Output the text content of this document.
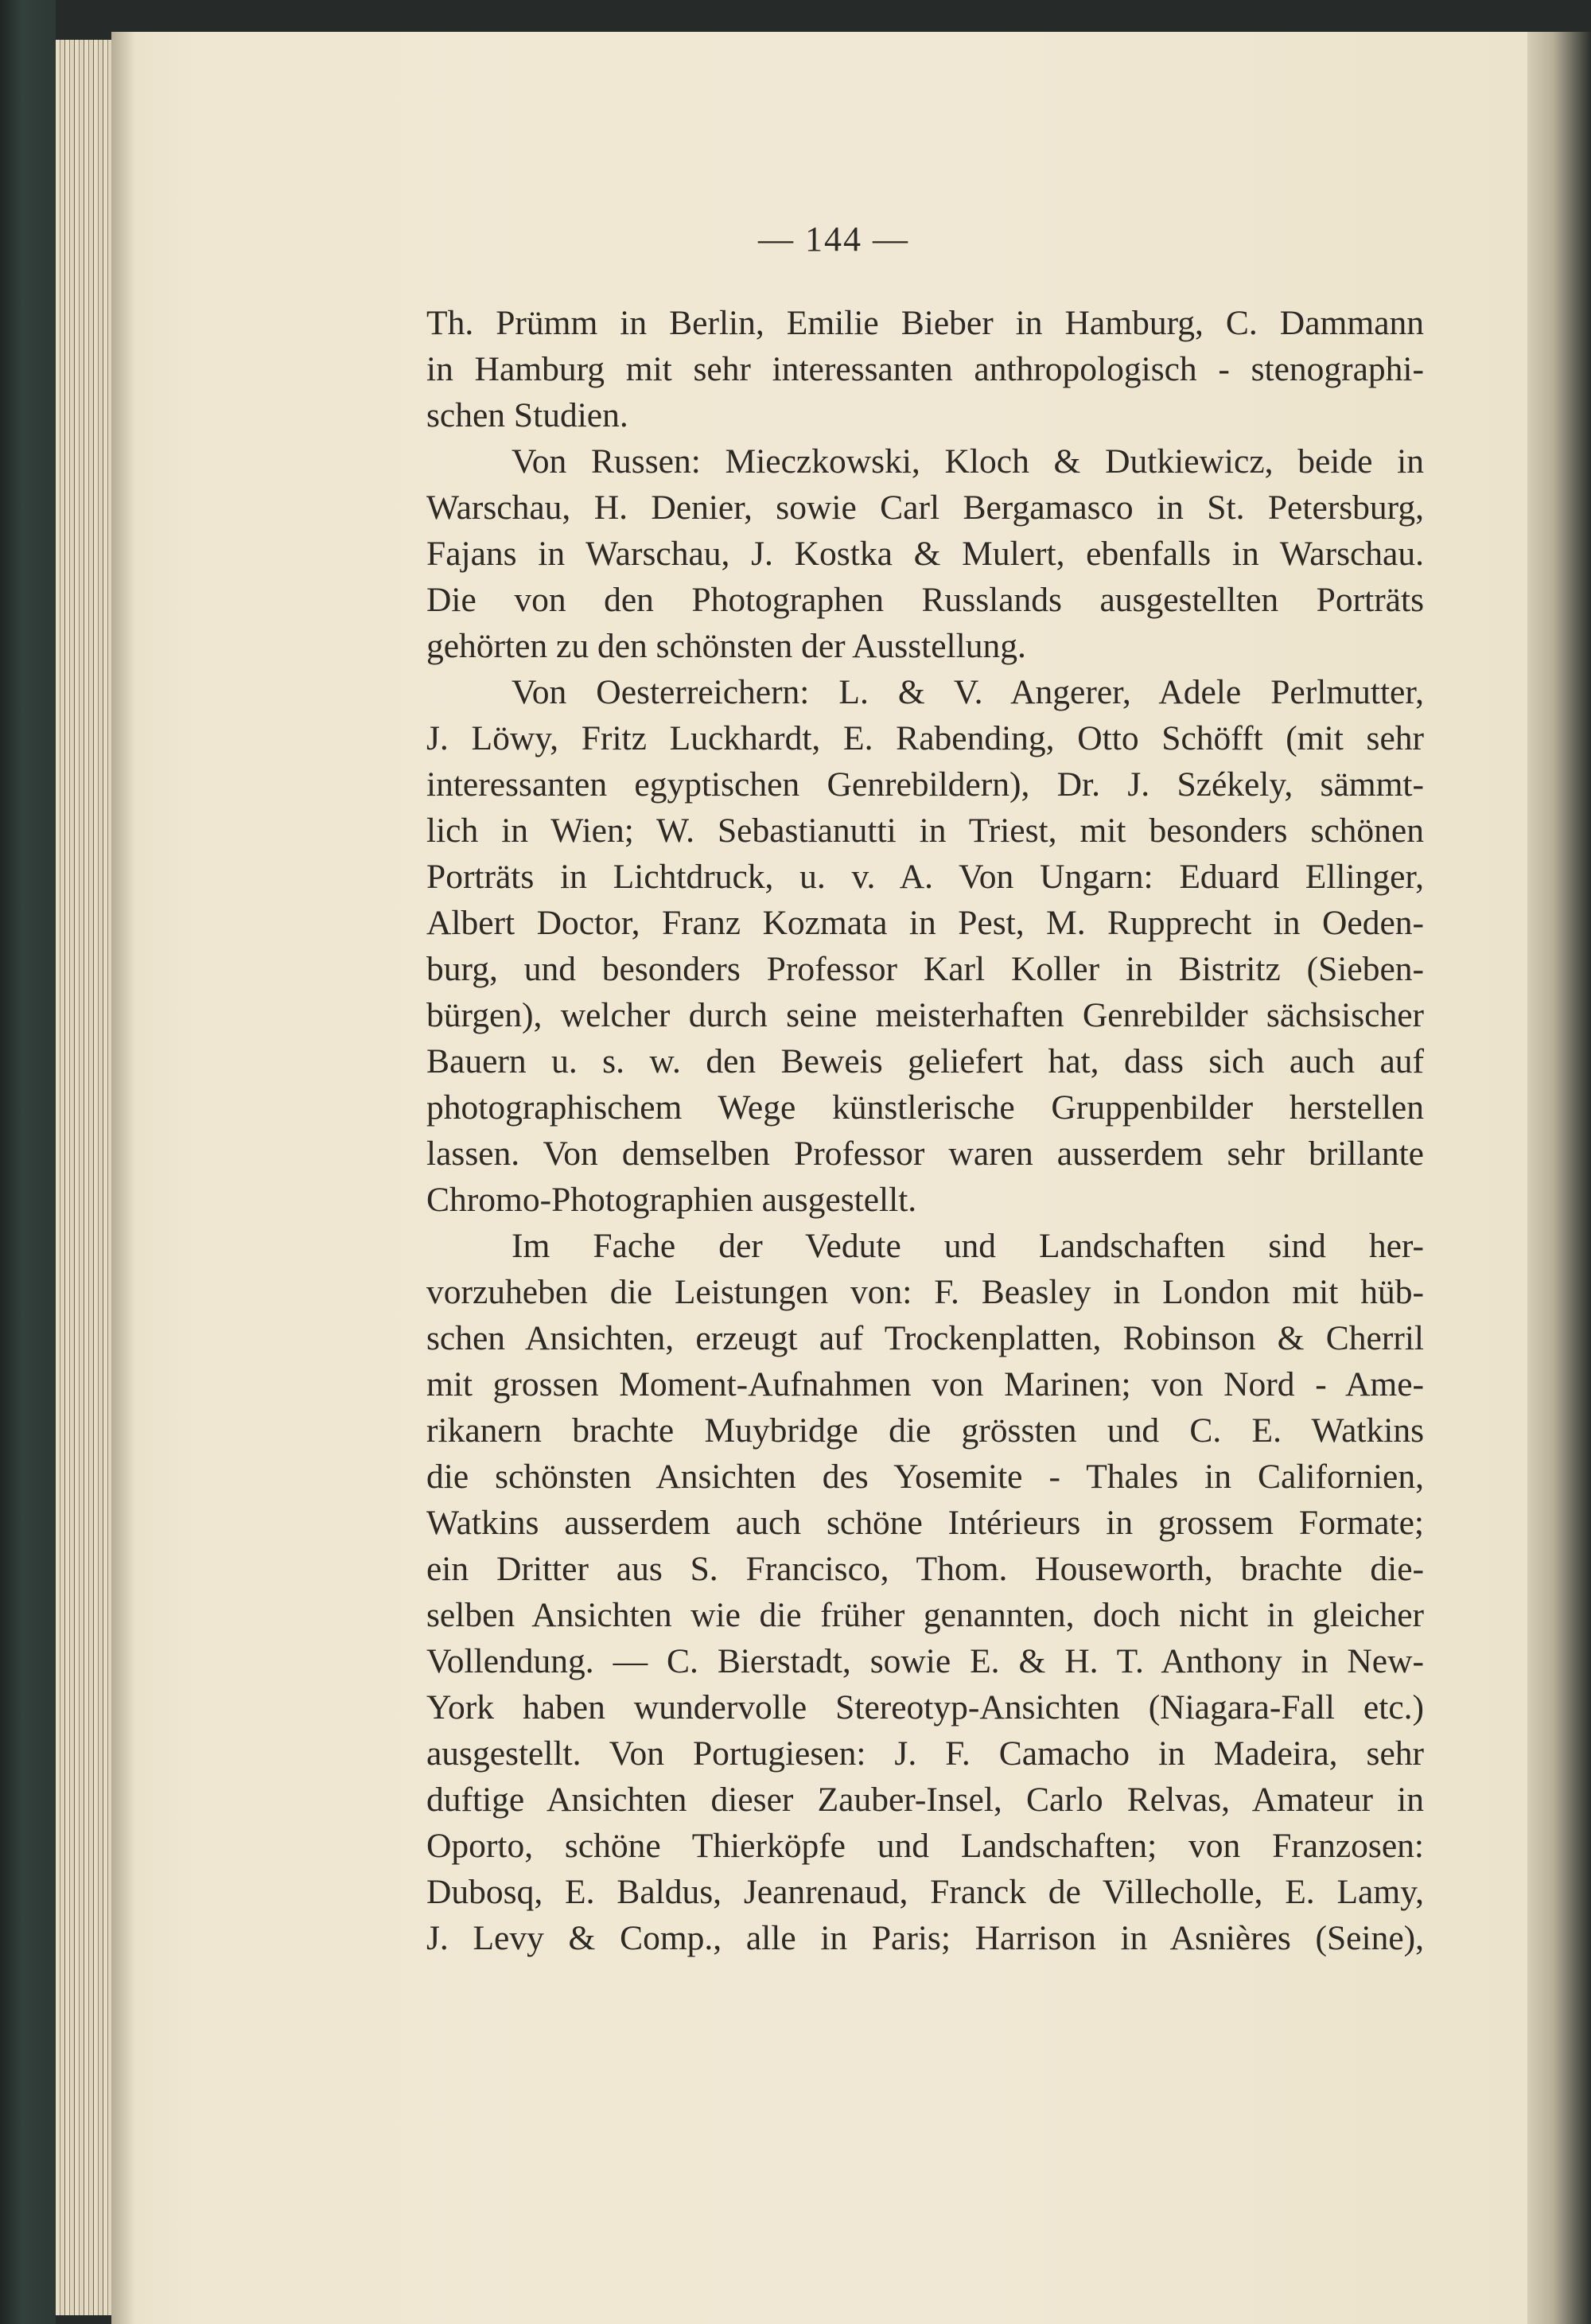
— 144 —
Th. Prümm in Berlin, Emilie Bieber in Hamburg, C. Dammann
in Hamburg mit sehr interessanten anthropologisch - stenographi-
schen Studien.
Von Russen: Mieczkowski, Kloch & Dutkiewicz, beide in
Warschau, H. Denier, sowie Carl Bergamasco in St. Petersburg,
Fajans in Warschau, J. Kostka & Mulert, ebenfalls in Warschau.
Die von den Photographen Russlands ausgestellten Porträts
gehörten zu den schönsten der Ausstellung.
Von Oesterreichern: L. & V. Angerer, Adele Perlmutter,
J. Löwy, Fritz Luckhardt, E. Rabending, Otto Schöfft (mit sehr
interessanten egyptischen Genrebildern), Dr. J. Székely, sämmt-
lich in Wien; W. Sebastianutti in Triest, mit besonders schönen
Porträts in Lichtdruck, u. v. A. Von Ungarn: Eduard Ellinger,
Albert Doctor, Franz Kozmata in Pest, M. Rupprecht in Oeden-
burg, und besonders Professor Karl Koller in Bistritz (Sieben-
bürgen), welcher durch seine meisterhaften Genrebilder sächsischer
Bauern u. s. w. den Beweis geliefert hat, dass sich auch auf
photographischem Wege künstlerische Gruppenbilder herstellen
lassen. Von demselben Professor waren ausserdem sehr brillante
Chromo-Photographien ausgestellt.
Im Fache der Vedute und Landschaften sind her-
vorzuheben die Leistungen von: F. Beasley in London mit hüb-
schen Ansichten, erzeugt auf Trockenplatten, Robinson & Cherril
mit grossen Moment-Aufnahmen von Marinen; von Nord - Ame-
rikanern brachte Muybridge die grössten und C. E. Watkins
die schönsten Ansichten des Yosemite - Thales in Californien,
Watkins ausserdem auch schöne Intérieurs in grossem Formate;
ein Dritter aus S. Francisco, Thom. Houseworth, brachte die-
selben Ansichten wie die früher genannten, doch nicht in gleicher
Vollendung. — C. Bierstadt, sowie E. & H. T. Anthony in New-
York haben wundervolle Stereotyp-Ansichten (Niagara-Fall etc.)
ausgestellt. Von Portugiesen: J. F. Camacho in Madeira, sehr
duftige Ansichten dieser Zauber-Insel, Carlo Relvas, Amateur in
Oporto, schöne Thierköpfe und Landschaften; von Franzosen:
Dubosq, E. Baldus, Jeanrenaud, Franck de Villecholle, E. Lamy,
J. Levy & Comp., alle in Paris; Harrison in Asnières (Seine),
